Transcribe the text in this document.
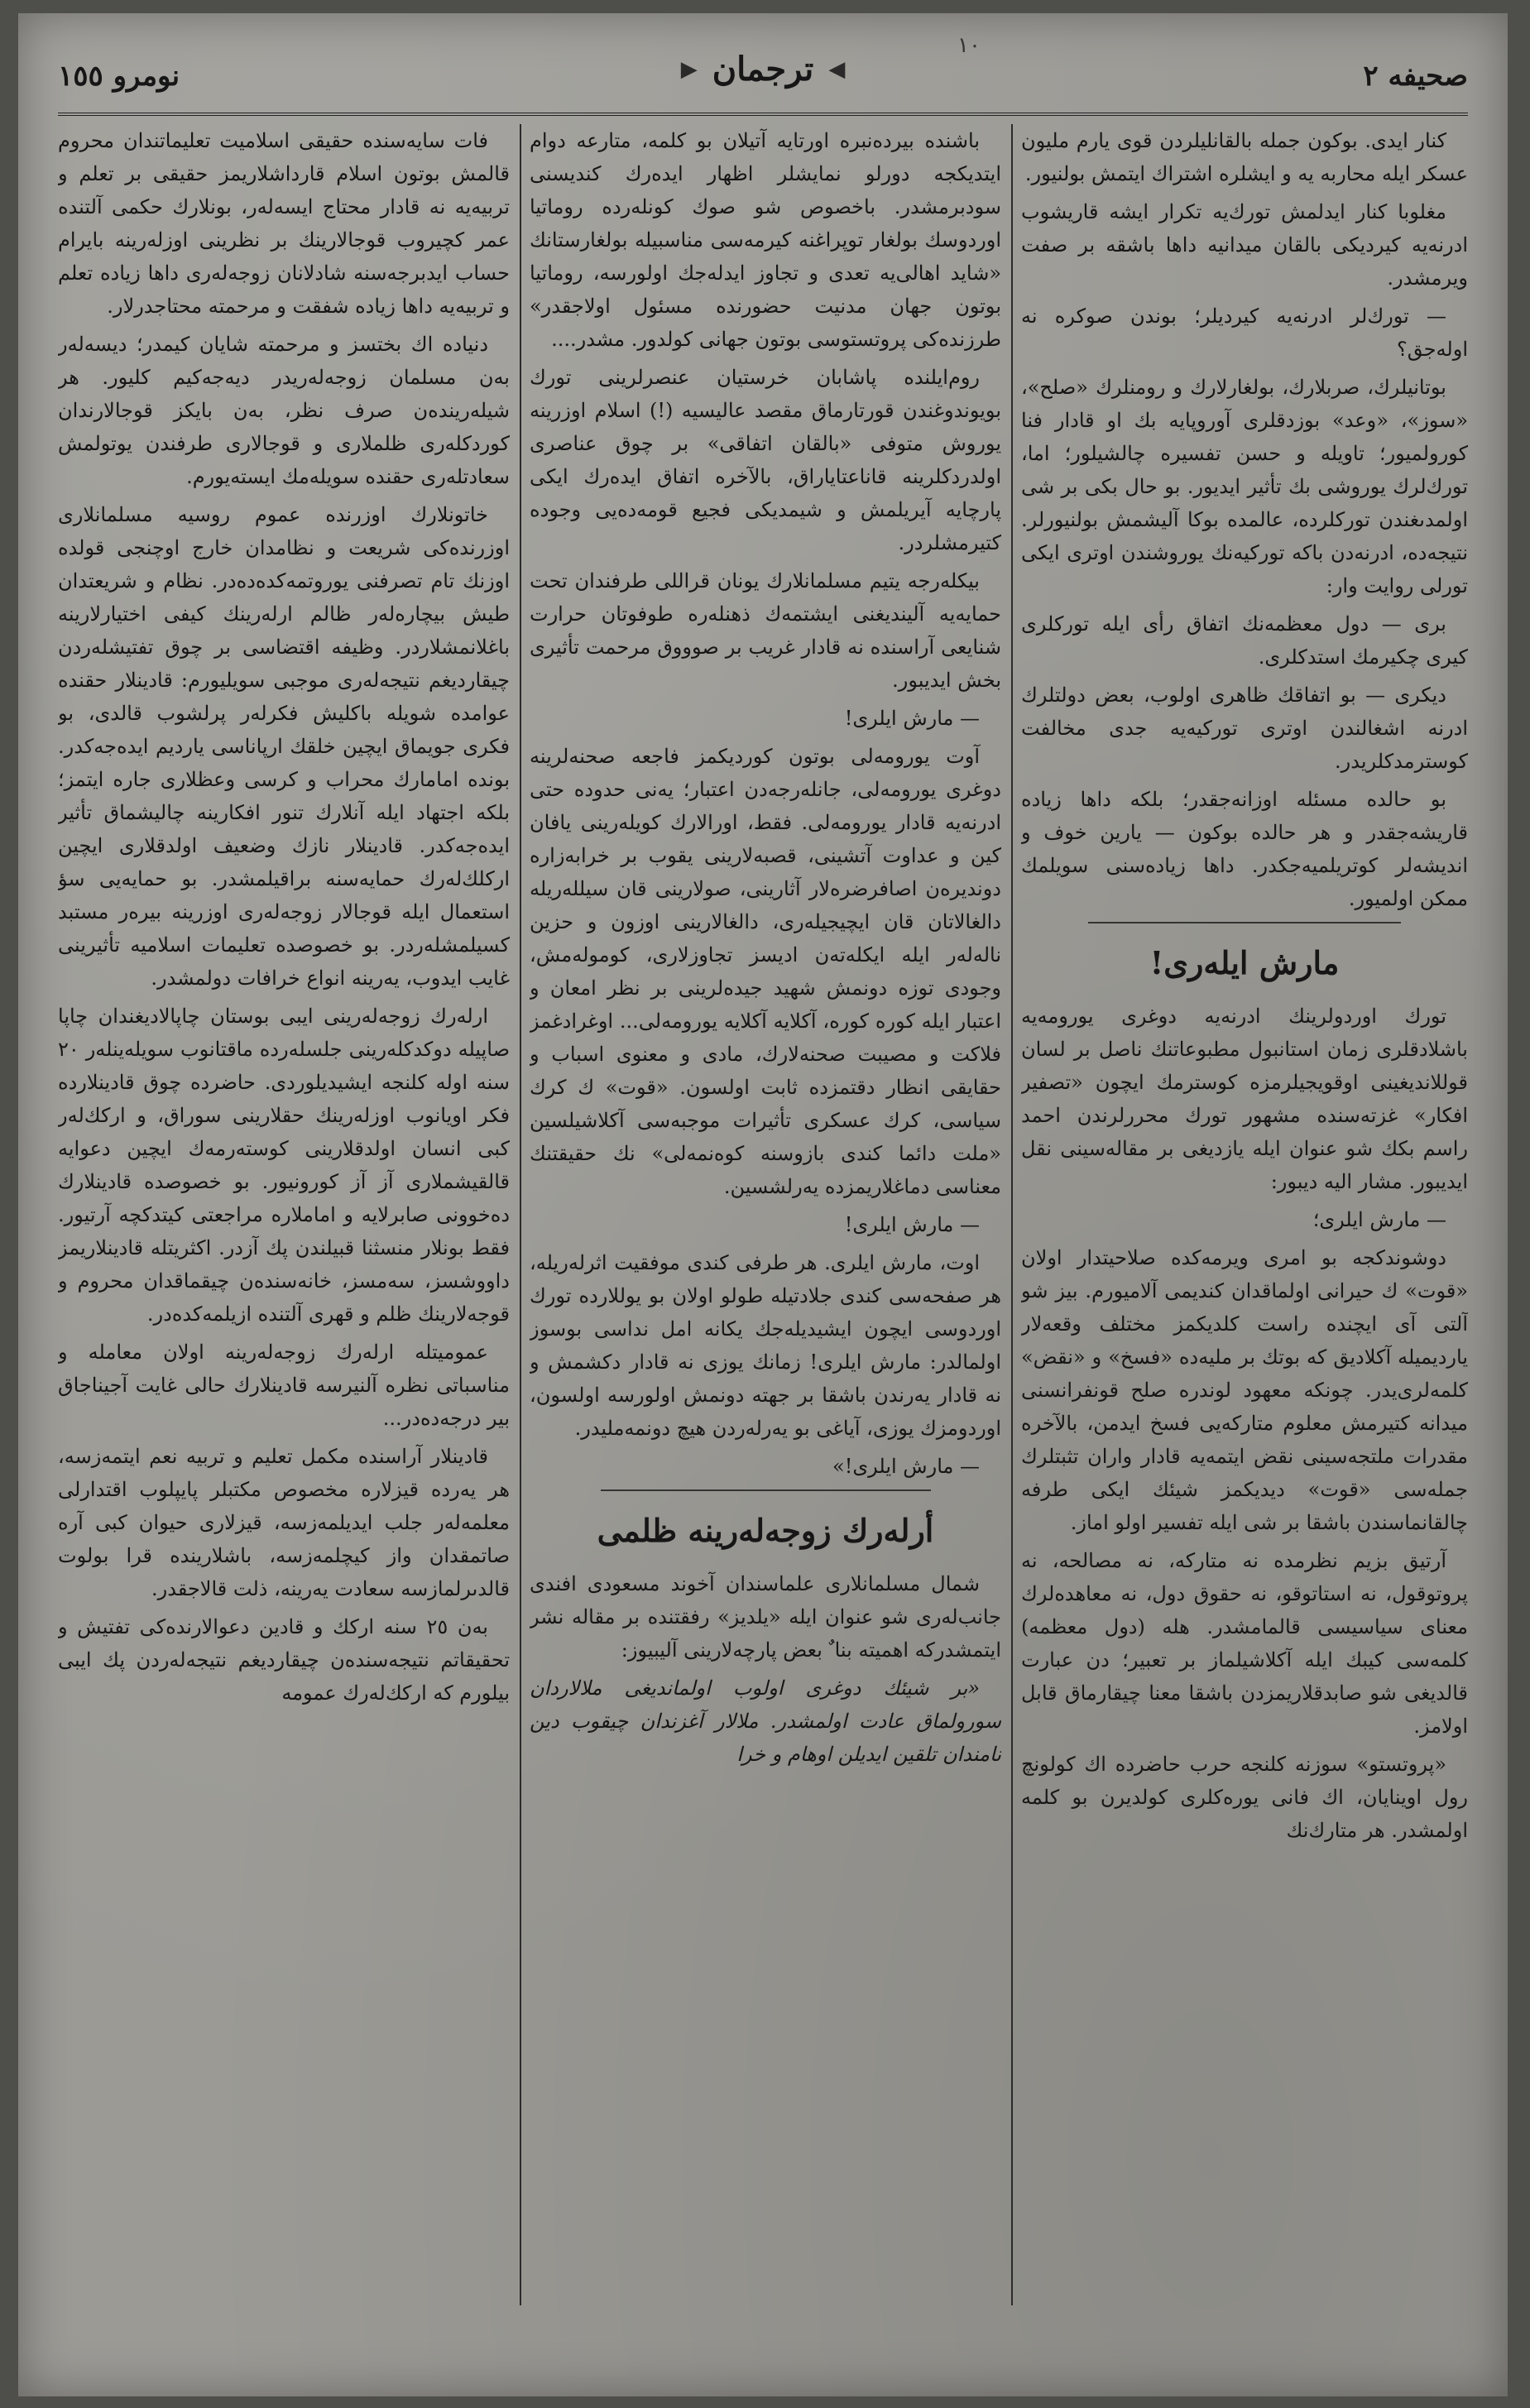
صحيفه ٢
◀
ترجمان
▶
نومرو ١٥٥
١٠

كنار ايدى. بوكون جمله بالقانليلردن قوى يارم مليون عسكر ايله محاربه يه و ايشلره اشتراك ايتمش بولنيور.

مغلوبا كنار ايدلمش تورك‌يه تكرار ايشه قاريشوب ادرنه‌يه كيرديكى بالقان ميدانيه داها باشقه بر صفت ويرمشدر.

— تورك‌لر ادرنه‌يه كيرديلر؛ بوندن صوكره نه اولەجق؟

بوتانيلرك، صربلارك، بولغارلارك و رومنلرك «صلح»، «سوز»، «وعد» بوزدقلرى آوروپايه بك او قادار فنا كورولميور؛ تاويله و حسن تفسيره چالشيلور؛ اما، تورك‌لرك يوروشى بك تأثير ايديور. بو حال بكى بر شى اولمدىغندن توركلرده، عالمده بوكا آليشمش بولنيورلر. نتيجه‌ده، ادرنه‌دن باكه توركيه‌نك يوروشندن اوترى ايكى تورلى روايت وار:

برى — دول معظمه‌نك اتفاق رأى ايله توركلرى كيرى چكيرمك استدكلرى.

ديكرى — بو اتفاقك ظاهرى اولوب، بعض دولتلرك ادرنه اشغالندن اوترى توركيه‌يه جدى مخالفت كوسترمدكلريدر.

بو حالده مسئله اوزانه‌جقدر؛ بلكه داها زياده قاريشه‌جقدر و هر حالده بوكون — يارين خوف و انديشه‌لر كوتريلميه‌جكدر. داها زياده‌سنى سويلمك ممكن اولميور.

مارش ايلەرى!

تورك اوردولرينك ادرنه‌يه دوغرى يورومه‌يه باشلادقلرى زمان استانبول مطبوعاتنك ناصل بر لسان قوللانديغينى اوقويجيلرمزه كوسترمك ايچون «تصفير افكار» غزته‌سنده مشهور تورك محررلرندن احمد راسم بكك شو عنوان ايله يازديغى بر مقاله‌سينى نقل ايديبور. مشار اليه ديبور:

— مارش ايلرى؛

دوشوندكجه بو امرى ويرمه‌كده صلاحيتدار اولان «قوت» ك حيرانى اولماقدان كنديمى آلاميورم. بيز شو آلتى آى ايچنده راست كلديكمز مختلف وقعه‌لار يارديميله آكلاديق كه بوتك بر مليه‌ده «فسخ» و «نقض» كلمه‌لرى‌يدر. چونكه معهود لوندره صلح قونفرانسنى ميدانه كتيرمش معلوم متاركه‌يى فسخ ايدمن، بالآخره مقدرات ملتجه‌سينى نقض ايتمه‌يه قادار واران تثبتلرك جمله‌سى «قوت» ديديكمز شيئك ايكى طرفه چالقانماسندن باشقا بر شى ايله تفسير اولو اماز.

آرتيق بزيم نظرمده نه متاركه، نه مصالحه، نه پروتوقول، نه استاتوقو، نه حقوق دول، نه معاهده‌لرك معناى سياسيسى قالمامشدر. هله (دول معظمه) كلمه‌سى كيبك ايله آكلاشيلماز بر تعبير؛ دن عبارت قالديغى شو صابدقلاريمزدن باشقا معنا چيقارماق قابل اولامز.

«پروتستو» سوزنه كلنجه حرب حاضرده اك كولونچ رول اوينايان، اك فانى يوره‌كلرى كولديرن بو كلمه اولمشدر. هر متارك‌نك

باشنده بيرده‌نبره اورتايه آتيلان بو كلمه، متارعه دوام ايتديكجه دورلو نمايشلر اظهار ايده‌رك كنديسنى سودبرمشدر. باخصوص شو صوك كونلەرده روماتيا اوردوسك بولغار توپراغنه كيرمه‌سى مناسبيله بولغارستانك «شايد اهالى‌يه تعدى و تجاوز ايدله‌جك اولورسه، روماتيا بوتون جهان مدنيت حضورنده مسئول اولاجقدر» طرزنده‌كى پروتستوسى بوتون جهانى كولدور. مشدر....

روم‌ايلنده پاشابان خرستيان عنصرلرينى تورك بويوندوغندن قورتارماق مقصد عاليسيه (!) اسلام اوزرينه يوروش متوفى «بالقان اتفاقى» بر چوق عناصرى اولدردكلرينه قاناعتاياراق، بالآخره اتفاق ايدەرك ايكى پارچايه آيريلمش و شيمديكى فجيع قومه‌ده‌يى وجوده كتيرمشلردر.

بيكله‌رجه يتيم مسلمانلارك يونان قراللى طرفندان تحت حمايه‌يه آلينديغنى ايشتمه‌ك ذهنلەره طوفوتان حرارت شنايعى آراسنده نه قادار غريب بر صوووق مرحمت تأثيرى بخش ايديبور.

— مارش ايلرى!

آوت يورومه‌لى بوتون كورديكمز فاجعه صحنه‌لرينه دوغرى يورومه‌لى، جانلەرجەدن اعتبار؛ يه‌نى حدوده حتى ادرنه‌يه قادار يورومه‌لى. فقط، اورالارك كويلەرينى يافان كين و عداوت آتشينى، قصبه‌لارينى يقوب بر خرابه‌زاره دونديره‌ن اصافرضرەلار آثارينى، صولارينى قان سيللەريله دالغالاتان قان ايچيجيلەرى، دالغالارينى اوزون و حزين ناله‌لەر ايله ايكله‌تەن اديسز تجاوزلارى، كوموله‌مش، وجودى توزه دونمش شهيد جيدەلرينى بر نظر امعان و اعتبار ايله كوره كوره، آكلايه آكلايه يورومه‌لى... اوغرادغمز فلاكت و مصيبت صحنه‌لارك، مادى و معنوى اسباب و حقايقى انظار دقتمزده ثابت اولسون. «قوت» ك كرك سياسى، كرك عسكرى تأثيرات موجبه‌سى آكلاشيلسين «ملت دائما كندى بازوسنه كوەنمه‌لى» نك حقيقتنك معناسى دماغلاريمزده يەرلشسين.

— مارش ايلرى!

اوت، مارش ايلرى. هر طرفى كندى موفقيت اثرلەريله، هر صفحه‌سى كندى جلادتيله طولو اولان بو يوللارده تورك اوردوسى ايچون ايشيديله‌جك يكانه امل نداسى بوسوز اولمالدر: مارش ايلرى! زمانك يوزى نه قادار دكشمش و نه قادار يەرندن باشقا بر جهته دونمش اولورسه اولسون، اوردومزك يوزى، آياغى بو يەرلەردن هيچ دونمه‌مليدر.

— مارش ايلرى!»

أرلەرك زوجه‌لەرينه ظلمى

شمال مسلمانلارى علماسندان آخوند مسعودى افندى جانب‌لەرى شو عنوان ايله «يلديز» رفقتنده بر مقاله نشر ايتمشدركه اهميته بنا ٌ بعض پارچەلارينى آليبيوز:

«بر شيئك دوغرى اولوب اولمانديغى ملالاردان سورولماق عادت اولمشدر. ملالار آغزندان چيقوب دين نامندان تلقين ايديلن اوهام و خرا

فات سايه‌سنده حقيقى اسلاميت تعليماتندان محروم قالمش بوتون اسلام قارداشلاريمز حقيقى بر تعلم و تربيه‌يه نه قادار محتاج ايسه‌لەر، بونلارك حكمى آلتنده عمر كچيروب قوجالارينك بر نظرينى اوزلەرينه بايرام حساب ايدبرجەسنه شادلانان زوجه‌لەرى داها زياده تعلم و تربيه‌يه داها زياده شفقت و مرحمته محتاجدرلار.

دنياده اك بختسز و مرحمته شايان كيمدر؛ ديسه‌لەر بەن مسلمان زوجه‌لەريدر ديه‌جه‌كيم كليور. هر شيلەريندەن صرف نظر، بەن بايكز قوجالارندان كوردكلەرى ظلملارى و قوجالارى طرفندن يوتولمش سعادتلەرى حقنده سويله‌مك ايسته‌يورم.

خاتونلارك اوزرنده عموم روسيه مسلمانلارى اوزرنده‌كى شريعت و نظامدان خارج اوچنجى قولده اوزنك تام تصرفنى يوروتمه‌كده‌ده‌در. نظام و شريعتدان طيش بيچاره‌لەر ظالم ارله‌رينك كيفى اختيارلارينه باغلانمشلاردر. وظيفه اقتضاسى بر چوق تفتيشلەردن چيقارديغم نتيجه‌لەرى موجبى سويليورم: قادينلار حقنده عوامده شويله باكليش فكرلەر پرلشوب قالدى، بو فكرى جويماق ايچين خلقك ارپاناسى يارديم ايده‌جه‌كدر. بونده امامارك محراب و كرسى وعظلارى جاره ايتمز؛ بلكه اجتهاد ايله آنلارك تنور افكارينه چاليشماق تأثير ايده‌جه‌كدر. قادينلار نازك وضعيف اولدقلارى ايچين اركلك‌لەرك حمايه‌سنه براقيلمشدر. بو حمايه‌يى سؤ استعمال ايله قوجالار زوجه‌لەرى اوزرينه بيرەر مستبد كسيلمشلەردر. بو خصوصده تعليمات اسلاميه تأثيرينى غايب ايدوب، يەرينه انواع خرافات دولمشدر.

ارلەرك زوجه‌لەرينى ايبى بوستان چاپالاديغندان چاپا صاپيله دوكدكلەرينى جلسلەرده ماقتانوب سويله‌ينلەر ٢٠ سنه اوله كلنجه ايشيديلوردى. حاضرده چوق قادينلارده فكر اويانوب اوزلەرينك حقلارينى سوراق، و اركك‌لەر كبى انسان اولدقلارينى كوستەرمەك ايچين دعوايه قالقيشملارى آز آز كورونيور. بو خصوصده قادينلارك ده‌خوونى صابرلايه و اماملاره مراجعتى كيتدكچه آرتيور. فقط بونلار منسثنا قبيلندن پك آزدر. اكثريتله قادينلاريمز داووشسز، سەمسز، خانه‌سندەن چيقماقدان محروم و قوجه‌لارينك ظلم و قهرى آلتنده ازيلمه‌كده‌در.

عموميتله ارلەرك زوجه‌لەرينه اولان معامله و مناسباتى نظره آلنيرسه قادينلارك حالى غايت آجيناجاق بير درجه‌ده‌در...

قادينلار آراسنده مكمل تعليم و تربيه نعم ايتمه‌زسه، هر يەرده قيزلاره مخصوص مكتبلر پايپلوب اقتدارلى معلمه‌لەر جلب ايديلمەزسه، قيزلارى حيوان كبى آره صاتمقدان واز كيچلمەزسه، باشلارينده قرا بولوت قالدىرلمازسه سعادت يەرينه، ذلت قالاجقدر.

بەن ٢٥ سنه اركك و قادين دعوالارنده‌كى تفتيش و تحقيقاتم نتيجه‌سندەن چيقارديغم نتيجه‌لەردن پك ايبى بيلورم كه اركك‌لەرك عمومه
